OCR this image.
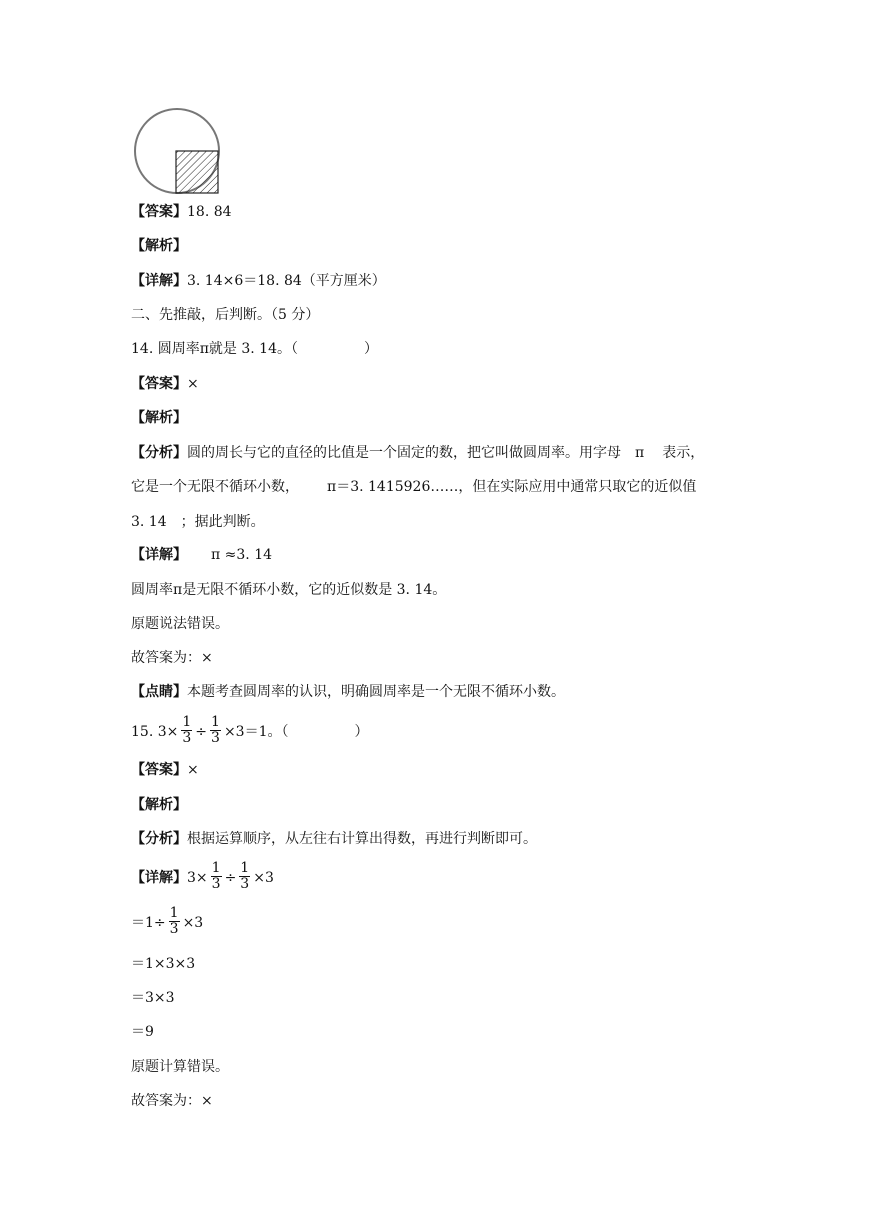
【答案】18. 84
【解析】
【详解】3. 14×6＝18. 84（平方厘米）
二、先推敲，后判断。（5 分）
14. 圆周率π就是 3. 14。（	）
【答案】×
【解析】
【分析】圆的周长与它的直径的比值是一个固定的数，把它叫做圆周率。用字母 π 表示，
它是一个无限不循环小数， π＝3. 1415926……，但在实际应用中通常只取它的近似值
3. 14 ；据此判断。
【详解】 π ≈3. 14
圆周率π是无限不循环小数，它的近似数是 3. 14。
原题说法错误。
故答案为：×
【点睛】本题考查圆周率的认识，明确圆周率是一个无限不循环小数。
15. $3\times \frac{1}{3} \div \frac{1}{3} \times 3=1$。（	）
【答案】×
【解析】
【分析】根据运算顺序，从左往右计算出得数，再进行判断即可。
【详解】$3\times \frac{1}{3} \div \frac{1}{3} \times 3$
$=1\div \frac{1}{3} \times 3$
＝1×3×3
＝3×3
＝9
原题计算错误。
故答案为：×
